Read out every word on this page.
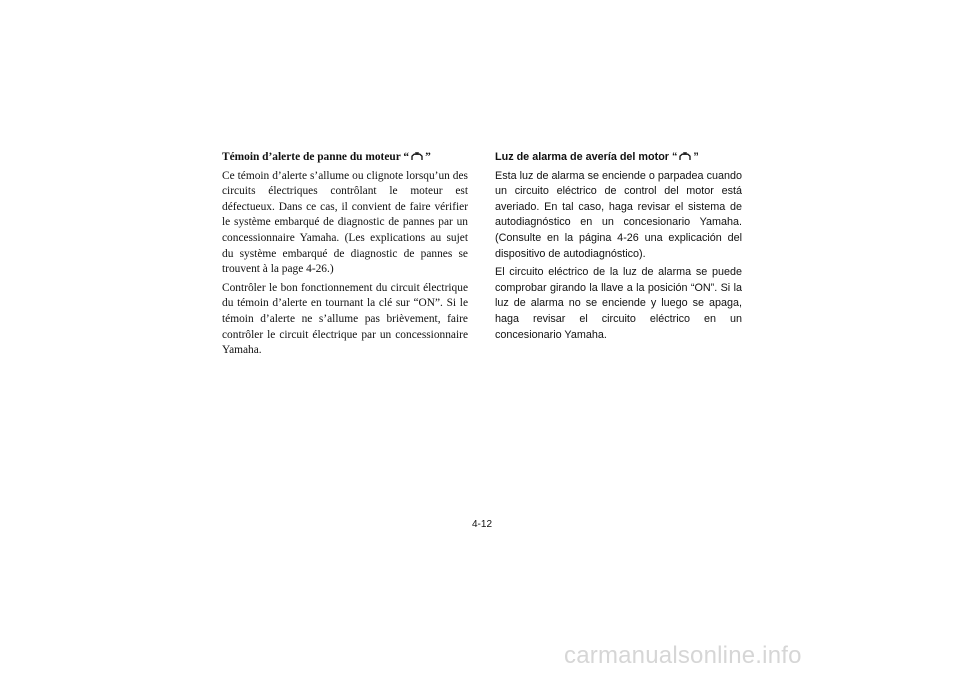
Témoin d’alerte de panne du moteur “ ”

Ce témoin d’alerte s’allume ou clignote lorsqu’un des circuits électriques contrôlant le moteur est défectueux. Dans ce cas, il convient de faire vérifier le système embarqué de diagnostic de pannes par un concessionnaire Yamaha. (Les explications au sujet du système embarqué de diagnostic de pannes se trouvent à la page 4-26.)

Contrôler le bon fonctionnement du circuit électrique du témoin d’alerte en tournant la clé sur “ON”. Si le témoin d’alerte ne s’allume pas brièvement, faire contrôler le circuit électrique par un concessionnaire Yamaha.

Luz de alarma de avería del motor “ ”

Esta luz de alarma se enciende o parpadea cuando un circuito eléctrico de control del motor está averiado. En tal caso, haga revisar el sistema de autodiagnóstico en un concesionario Yamaha. (Consulte en la página 4-26 una explicación del dispositivo de autodiagnóstico).

El circuito eléctrico de la luz de alarma se puede comprobar girando la llave a la posición “ON”. Si la luz de alarma no se enciende y luego se apaga, haga revisar el circuito eléctrico en un concesionario Yamaha.

4-12
carmanualsonline.info
